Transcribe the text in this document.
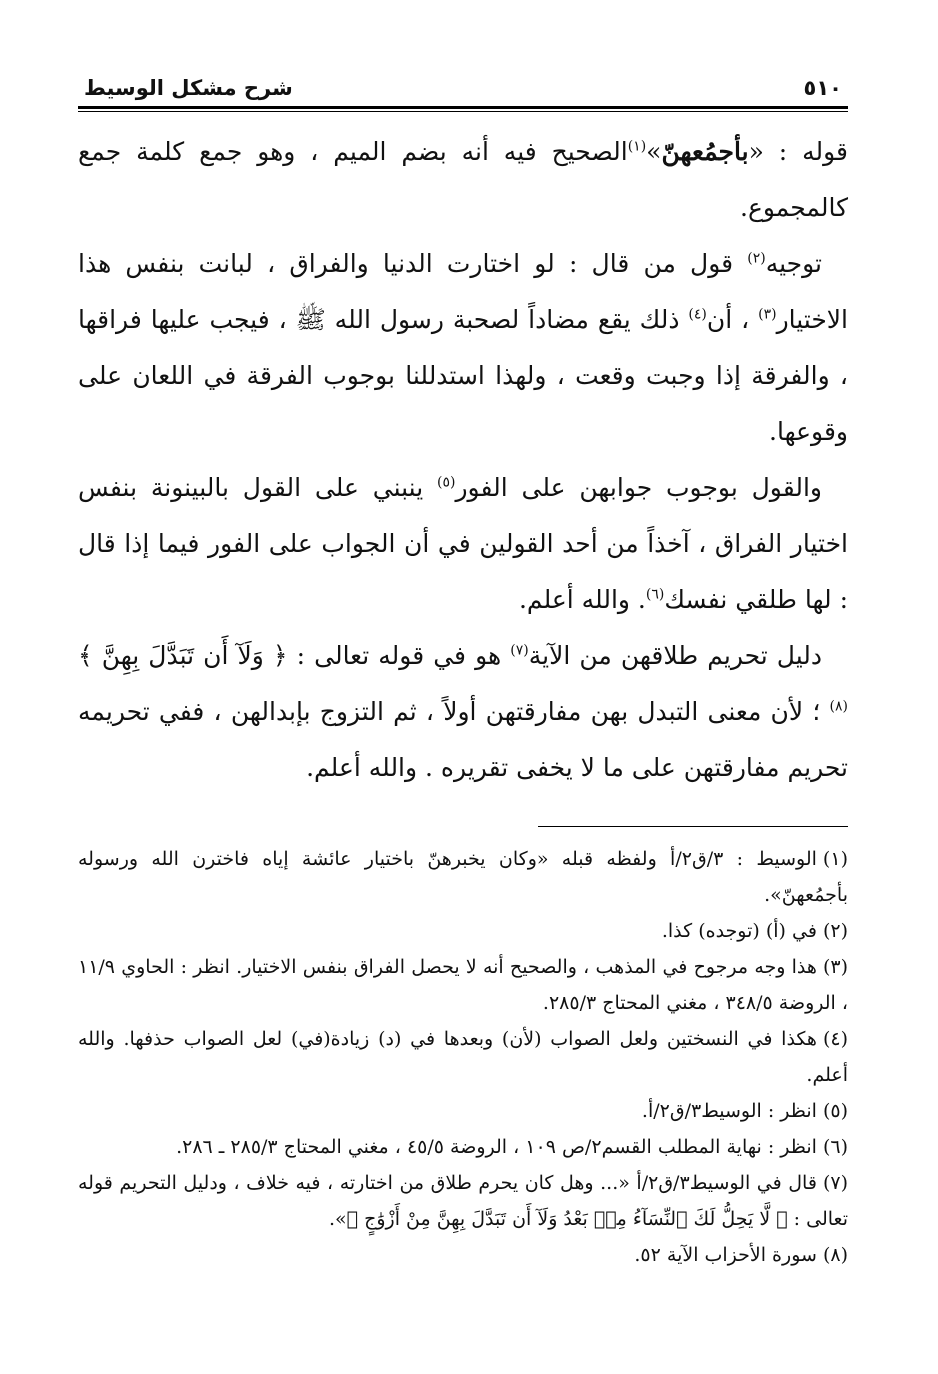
٥١٠
شرح مشكل الوسيط

قوله : «بأجمُعهنّ»$^{(١)}$الصحيح فيه أنه بضم الميم ، وهو جمع كلمة جمع كالمجموع.

توجيه$^{(٢)}$ قول من قال : لو اختارت الدنيا والفراق ، لبانت بنفس هذا الاختيار$^{(٣)}$ ، أن$^{(٤)}$ ذلك يقع مضاداً لصحبة رسول الله ﷺ ، فيجب عليها فراقها ، والفرقة إذا وجبت وقعت ، ولهذا استدللنا بوجوب الفرقة في اللعان على وقوعها.

والقول بوجوب جوابهن على الفور$^{(٥)}$ ينبني على القول بالبينونة بنفس اختيار الفراق ، آخذاً من أحد القولين في أن الجواب على الفور فيما إذا قال : لها طلقي نفسك$^{(٦)}$. والله أعلم.

دليل تحريم طلاقهن من الآية$^{(٧)}$ هو في قوله تعالى : ﴿ وَلَآ أَن تَبَدَّلَ بِهِنَّ ﴾$^{(٨)}$ ؛ لأن معنى التبدل بهن مفارقتهن أولاً ، ثم التزوج بإبدالهن ، ففي تحريمه تحريم مفارقتهن على ما لا يخفى تقريره . والله أعلم.

(١)الوسيط : ٣/ق٢/أ ولفظه قبله «وكان يخبرهنّ باختيار عائشة إياه فاخترن الله ورسوله بأجمُعهنّ».

(٢)في (أ) (توجده) كذا.

(٣)هذا وجه مرجوح في المذهب ، والصحيح أنه لا يحصل الفراق بنفس الاختيار. انظر : الحاوي ١١/٩ ، الروضة ٣٤٨/٥ ، مغني المحتاج ٢٨٥/٣.

(٤)هكذا في النسختين ولعل الصواب (لأن) وبعدها في (د) زيادة(في) لعل الصواب حذفها. والله أعلم.

(٥)انظر : الوسيط٣/ق٢/أ.

(٦)انظر : نهاية المطلب القسم٢/ص ١٠٩ ، الروضة ٤٥/٥ ، مغني المحتاج ٢٨٥/٣ ـ ٢٨٦.

(٧)قال في الوسيط٣/ق٢/أ «... وهل كان يحرم طلاق من اختارته ، فيه خلاف ، ودليل التحريم قوله تعالى : ﴿ لَّا يَحِلُّ لَكَ ٱلنِّسَآءُ مِنۢ بَعْدُ وَلَآ أَن تَبَدَّلَ بِهِنَّ مِنْ أَزْوَٰجٍ ﴾».

(٨)سورة الأحزاب الآية ٥٢.
